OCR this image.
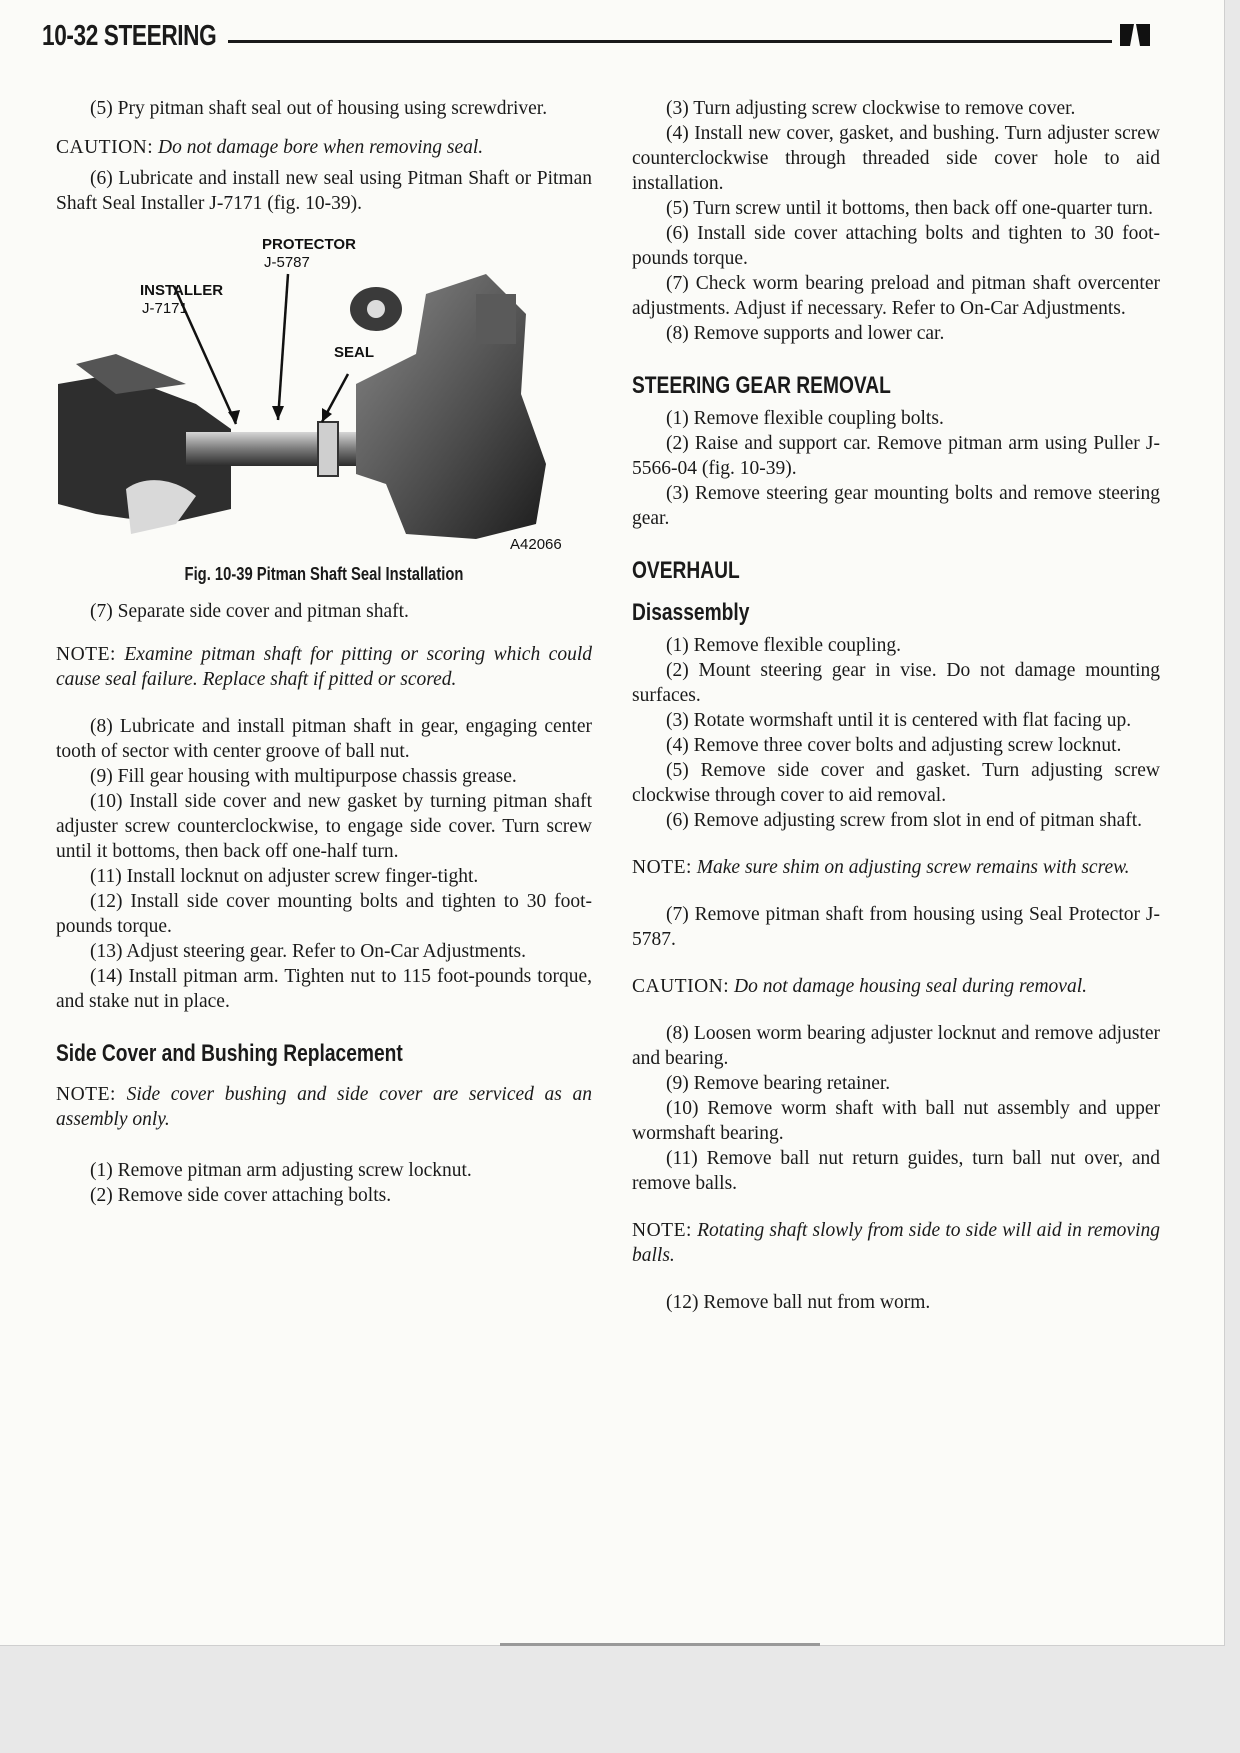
10-32 STEERING

(5) Pry pitman shaft seal out of housing using screwdriver.

CAUTION: Do not damage bore when removing seal.

(6) Lubricate and install new seal using Pitman Shaft or Pitman Shaft Seal Installer J-7171 (fig. 10-39).

PROTECTOR
J-5787
INSTALLER
J-7171
SEAL
A42066
Fig. 10-39 Pitman Shaft Seal Installation

(7) Separate side cover and pitman shaft.

NOTE: Examine pitman shaft for pitting or scoring which could cause seal failure. Replace shaft if pitted or scored.

(8) Lubricate and install pitman shaft in gear, engaging center tooth of sector with center groove of ball nut.

(9) Fill gear housing with multipurpose chassis grease.

(10) Install side cover and new gasket by turning pitman shaft adjuster screw counterclockwise, to engage side cover. Turn screw until it bottoms, then back off one-half turn.

(11) Install locknut on adjuster screw finger-tight.

(12) Install side cover mounting bolts and tighten to 30 foot-pounds torque.

(13) Adjust steering gear. Refer to On-Car Adjustments.

(14) Install pitman arm. Tighten nut to 115 foot-pounds torque, and stake nut in place.

Side Cover and Bushing Replacement

NOTE: Side cover bushing and side cover are serviced as an assembly only.

(1) Remove pitman arm adjusting screw locknut.

(2) Remove side cover attaching bolts.

(3) Turn adjusting screw clockwise to remove cover.

(4) Install new cover, gasket, and bushing. Turn adjuster screw counterclockwise through threaded side cover hole to aid installation.

(5) Turn screw until it bottoms, then back off one-quarter turn.

(6) Install side cover attaching bolts and tighten to 30 foot-pounds torque.

(7) Check worm bearing preload and pitman shaft overcenter adjustments. Adjust if necessary. Refer to On-Car Adjustments.

(8) Remove supports and lower car.

STEERING GEAR REMOVAL

(1) Remove flexible coupling bolts.

(2) Raise and support car. Remove pitman arm using Puller J-5566-04 (fig. 10-39).

(3) Remove steering gear mounting bolts and remove steering gear.

OVERHAUL
Disassembly

(1) Remove flexible coupling.

(2) Mount steering gear in vise. Do not damage mounting surfaces.

(3) Rotate wormshaft until it is centered with flat facing up.

(4) Remove three cover bolts and adjusting screw locknut.

(5) Remove side cover and gasket. Turn adjusting screw clockwise through cover to aid removal.

(6) Remove adjusting screw from slot in end of pitman shaft.

NOTE: Make sure shim on adjusting screw remains with screw.

(7) Remove pitman shaft from housing using Seal Protector J-5787.

CAUTION: Do not damage housing seal during removal.

(8) Loosen worm bearing adjuster locknut and remove adjuster and bearing.

(9) Remove bearing retainer.

(10) Remove worm shaft with ball nut assembly and upper wormshaft bearing.

(11) Remove ball nut return guides, turn ball nut over, and remove balls.

NOTE: Rotating shaft slowly from side to side will aid in removing balls.

(12) Remove ball nut from worm.
